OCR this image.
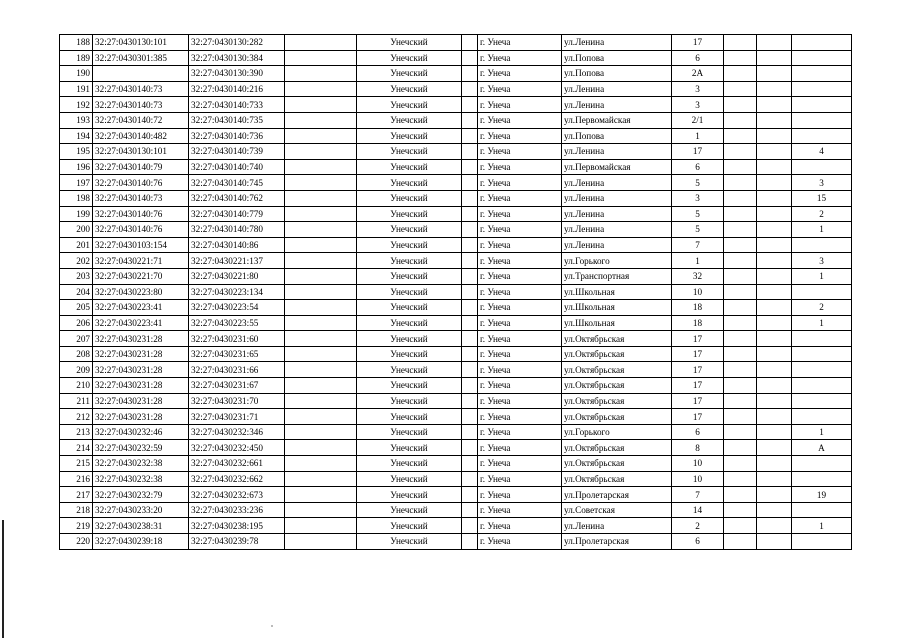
188	32:27:0430130:101	32:27:0430130:282		Унечский		г. Унеча	ул.Ленина	17			
189	32:27:0430301:385	32:27:0430130:384		Унечский		г. Унеча	ул.Попова	6			
190		32:27:0430130:390		Унечский		г. Унеча	ул.Попова	2А			
191	32:27:0430140:73	32:27:0430140:216		Унечский		г. Унеча	ул.Ленина	3			
192	32:27:0430140:73	32:27:0430140:733		Унечский		г. Унеча	ул.Ленина	3			
193	32:27:0430140:72	32:27:0430140:735		Унечский		г. Унеча	ул.Первомайская	2/1			
194	32:27:0430140:482	32:27:0430140:736		Унечский		г. Унеча	ул.Попова	1			
195	32:27:0430130:101	32:27:0430140:739		Унечский		г. Унеча	ул.Ленина	17			4
196	32:27:0430140:79	32:27:0430140:740		Унечский		г. Унеча	ул.Первомайская	6			
197	32:27:0430140:76	32:27:0430140:745		Унечский		г. Унеча	ул.Ленина	5			3
198	32:27:0430140:73	32:27:0430140:762		Унечский		г. Унеча	ул.Ленина	3			15
199	32:27:0430140:76	32:27:0430140:779		Унечский		г. Унеча	ул.Ленина	5			2
200	32:27:0430140:76	32:27:0430140:780		Унечский		г. Унеча	ул.Ленина	5			1
201	32:27:0430103:154	32:27:0430140:86		Унечский		г. Унеча	ул.Ленина	7			
202	32:27:0430221:71	32:27:0430221:137		Унечский		г. Унеча	ул.Горького	1			3
203	32:27:0430221:70	32:27:0430221:80		Унечский		г. Унеча	ул.Транспортная	32			1
204	32:27:0430223:80	32:27:0430223:134		Унечский		г. Унеча	ул.Школьная	10			
205	32:27:0430223:41	32:27:0430223:54		Унечский		г. Унеча	ул.Школьная	18			2
206	32:27:0430223:41	32:27:0430223:55		Унечский		г. Унеча	ул.Школьная	18			1
207	32:27:0430231:28	32:27:0430231:60		Унечский		г. Унеча	ул.Октябрьская	17			
208	32:27:0430231:28	32:27:0430231:65		Унечский		г. Унеча	ул.Октябрьская	17			
209	32:27:0430231:28	32:27:0430231:66		Унечский		г. Унеча	ул.Октябрьская	17			
210	32:27:0430231:28	32:27:0430231:67		Унечский		г. Унеча	ул.Октябрьская	17			
211	32:27:0430231:28	32:27:0430231:70		Унечский		г. Унеча	ул.Октябрьская	17			
212	32:27:0430231:28	32:27:0430231:71		Унечский		г. Унеча	ул.Октябрьская	17			
213	32:27:0430232:46	32:27:0430232:346		Унечский		г. Унеча	ул.Горького	6			1
214	32:27:0430232:59	32:27:0430232:450		Унечский		г. Унеча	ул.Октябрьская	8			А
215	32:27:0430232:38	32:27:0430232:661		Унечский		г. Унеча	ул.Октябрьская	10			
216	32:27:0430232:38	32:27:0430232:662		Унечский		г. Унеча	ул.Октябрьская	10			
217	32:27:0430232:79	32:27:0430232:673		Унечский		г. Унеча	ул.Пролетарская	7			19
218	32:27:0430233:20	32:27:0430233:236		Унечский		г. Унеча	ул.Советская	14			
219	32:27:0430238:31	32:27:0430238:195		Унечский		г. Унеча	ул.Ленина	2			1
220	32:27:0430239:18	32:27:0430239:78		Унечский		г. Унеча	ул.Пролетарская	6			
